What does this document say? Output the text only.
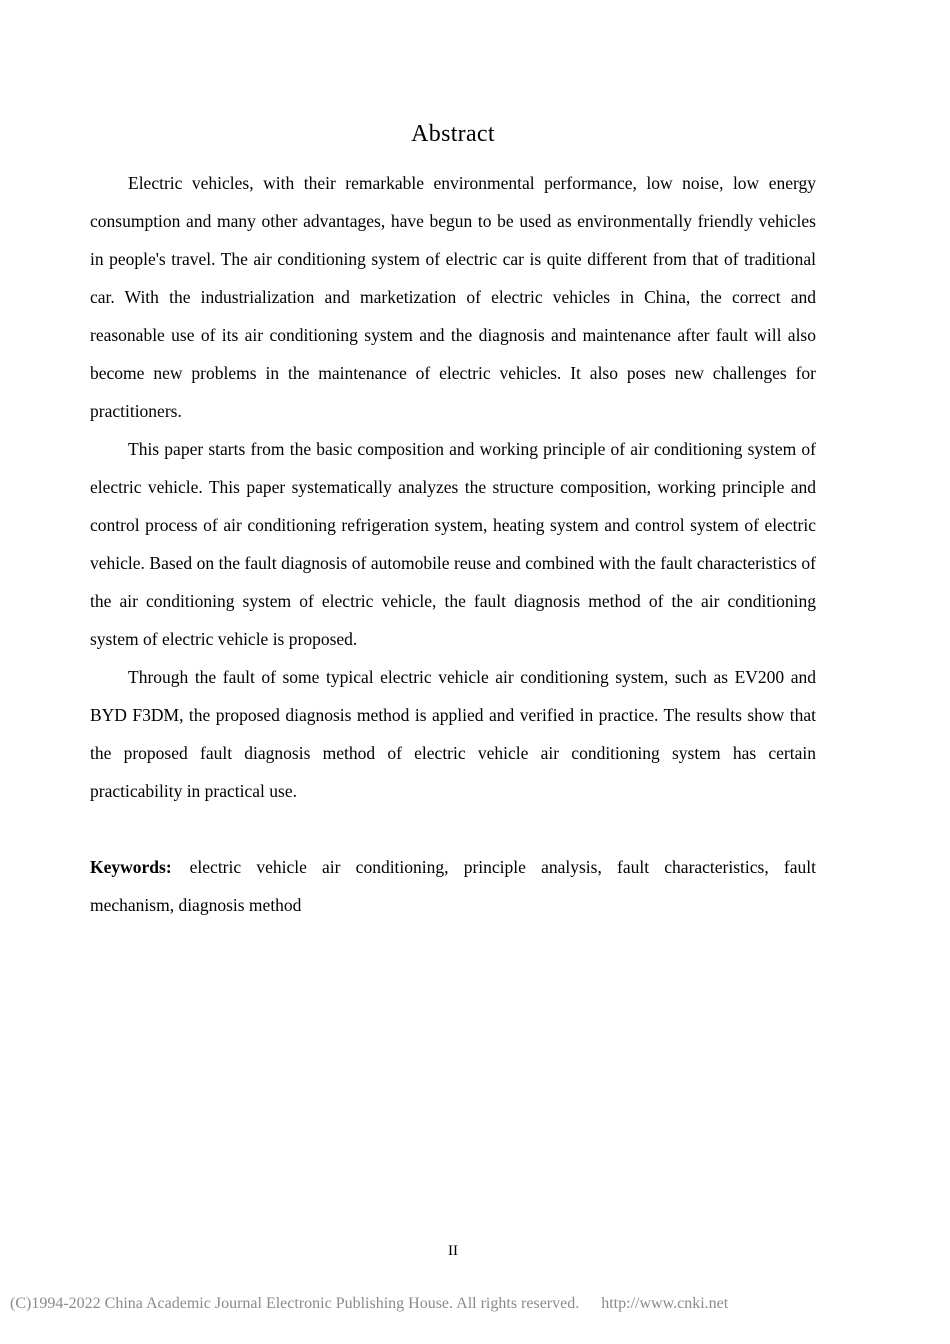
Abstract

Electric vehicles, with their remarkable environmental performance, low noise, low energy consumption and many other advantages, have begun to be used as environmentally friendly vehicles in people's travel. The air conditioning system of electric car is quite different from that of traditional car. With the industrialization and marketization of electric vehicles in China, the correct and reasonable use of its air conditioning system and the diagnosis and maintenance after fault will also become new problems in the maintenance of electric vehicles. It also poses new challenges for practitioners.

This paper starts from the basic composition and working principle of air conditioning system of electric vehicle. This paper systematically analyzes the structure composition, working principle and control process of air conditioning refrigeration system, heating system and control system of electric vehicle. Based on the fault diagnosis of automobile reuse and combined with the fault characteristics of the air conditioning system of electric vehicle, the fault diagnosis method of the air conditioning system of electric vehicle is proposed.

Through the fault of some typical electric vehicle air conditioning system, such as EV200 and BYD F3DM, the proposed diagnosis method is applied and verified in practice. The results show that the proposed fault diagnosis method of electric vehicle air conditioning system has certain practicability in practical use.

Keywords: electric vehicle air conditioning, principle analysis, fault characteristics, fault mechanism, diagnosis method

II
(C)1994-2022 China Academic Journal Electronic Publishing House. All rights reserved. http://www.cnki.net
